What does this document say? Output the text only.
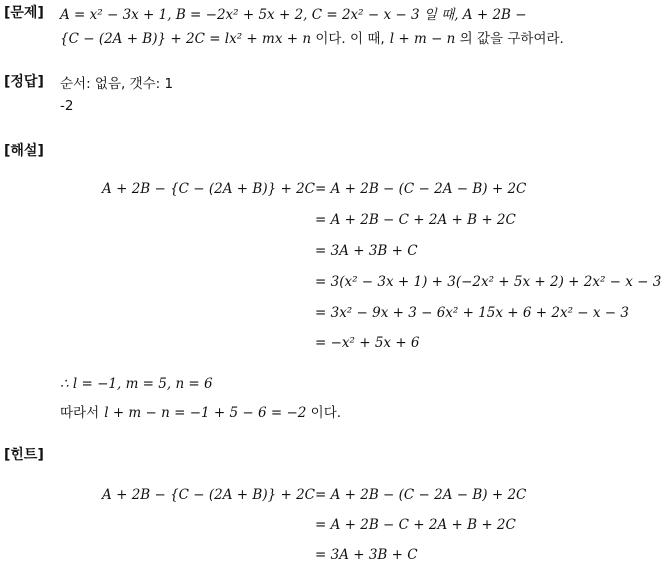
[문제] A = x² − 3x + 1, B = −2x² + 5x + 2, C = 2x² − x − 3 일 때, A + 2B −
{C − (2A + B)} + 2C = lx² + mx + n 이다. 이 때, l + m − n 의 값을 구하여라.
[정답] 순서: 없음, 갯수: 1
-2
[해설]
A + 2B − {C − (2A + B)} + 2C = A + 2B − (C − 2A − B) + 2C
= A + 2B − C + 2A + B + 2C
= 3A + 3B + C
= 3(x² − 3x + 1) + 3(−2x² + 5x + 2) + 2x² − x − 3
= 3x² − 9x + 3 − 6x² + 15x + 6 + 2x² − x − 3
= −x² + 5x + 6
∴ l = −1, m = 5, n = 6
따라서 l + m − n = −1 + 5 − 6 = −2 이다.
[힌트]
A + 2B − {C − (2A + B)} + 2C = A + 2B − (C − 2A − B) + 2C
= A + 2B − C + 2A + B + 2C
= 3A + 3B + C
